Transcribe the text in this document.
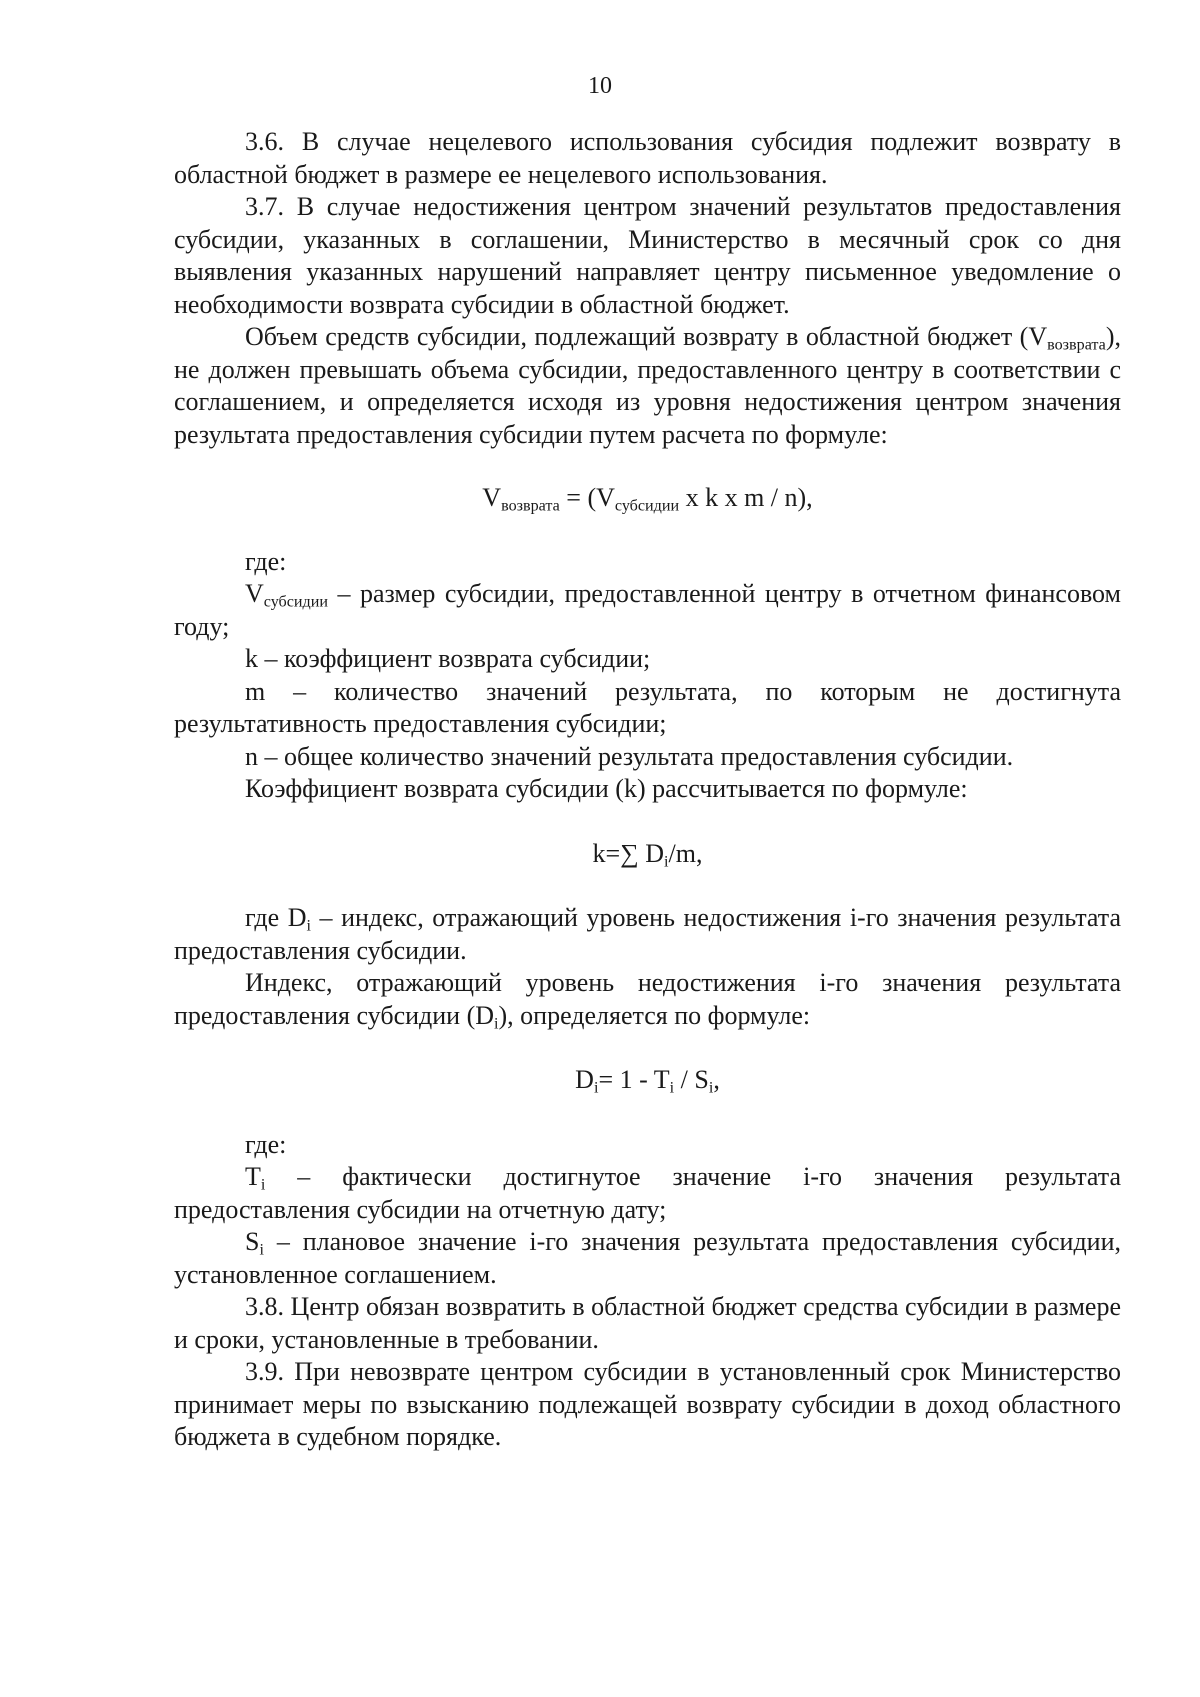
10

3.6. В случае нецелевого использования субсидия подлежит возврату в областной бюджет в размере ее нецелевого использования.

3.7. В случае недостижения центром значений результатов предоставления субсидии, указанных в соглашении, Министерство в месячный срок со дня выявления указанных нарушений направляет центру письменное уведомление о необходимости возврата субсидии в областной бюджет.

Объем средств субсидии, подлежащий возврату в областной бюджет $(V_{возврата})$, не должен превышать объема субсидии, предоставленного центру в соответствии с соглашением, и определяется исходя из уровня недостижения центром значения результата предоставления субсидии путем расчета по формуле:

$V_{возврата} = (V_{субсидии}$ x k x m / n),

где:

$V_{субсидии}$ – размер субсидии, предоставленной центру в отчетном финансовом году;

k – коэффициент возврата субсидии;

m – количество значений результата, по которым не достигнута результативность предоставления субсидии;

n – общее количество значений результата предоставления субсидии.

Коэффициент возврата субсидии (k) рассчитывается по формуле:

k=∑ $D_i/m$,

где $D_i$ – индекс, отражающий уровень недостижения i-го значения результата предоставления субсидии.

Индекс, отражающий уровень недостижения i-го значения результата предоставления субсидии $(D_i)$, определяется по формуле:

$D_i= 1 - T_i / S_i$,

где:

$T_i$ – фактически достигнутое значение i-го значения результата предоставления субсидии на отчетную дату;

$S_i$ – плановое значение i-го значения результата предоставления субсидии, установленное соглашением.

3.8. Центр обязан возвратить в областной бюджет средства субсидии в размере и сроки, установленные в требовании.

3.9. При невозврате центром субсидии в установленный срок Министерство принимает меры по взысканию подлежащей возврату субсидии в доход областного бюджета в судебном порядке.
